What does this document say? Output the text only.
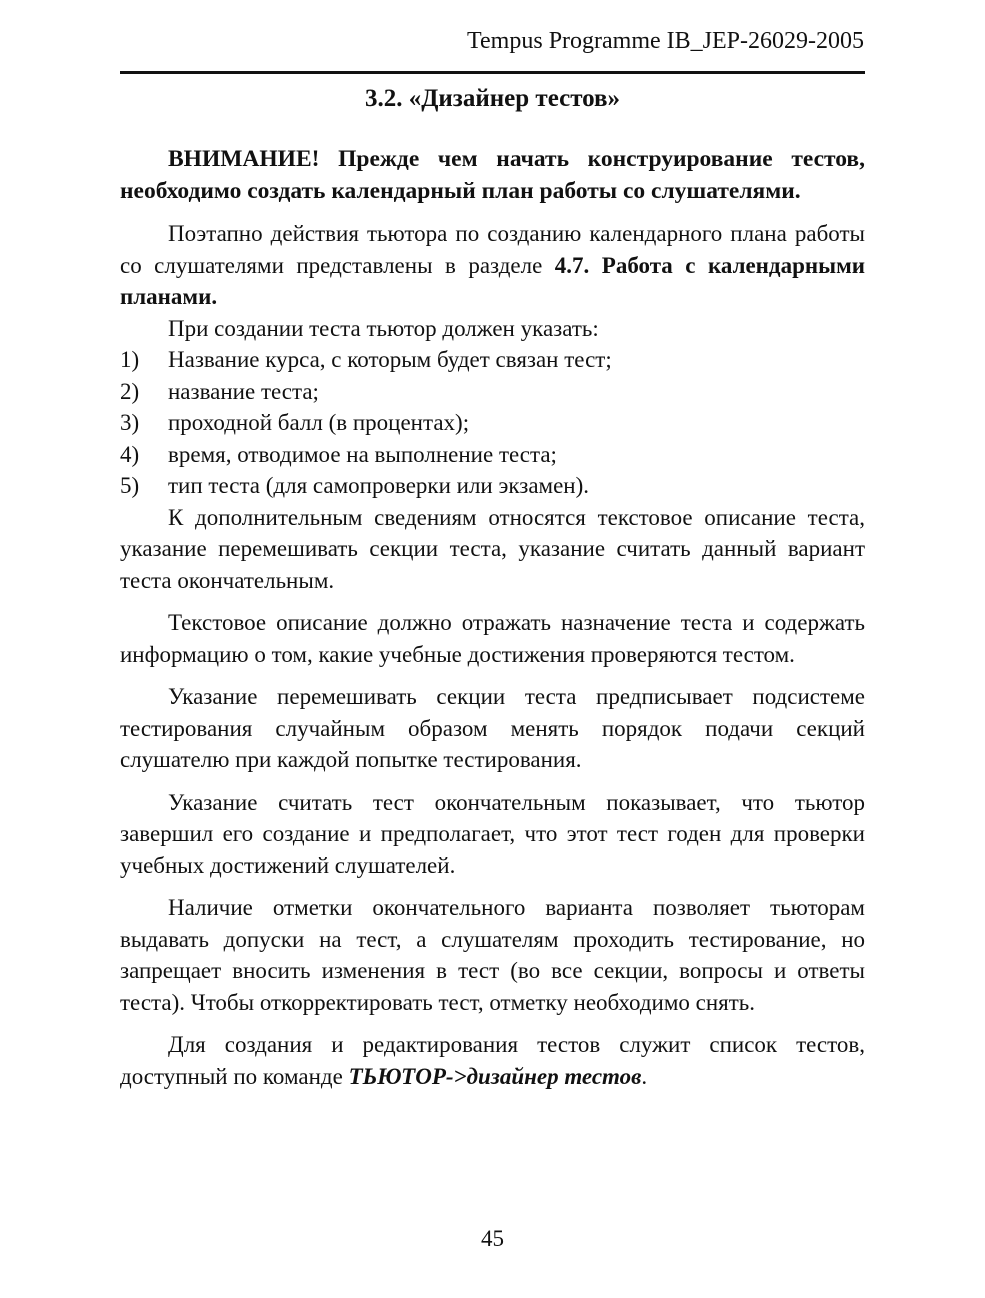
Tempus Programme IB_JEP-26029-2005
3.2. «Дизайнер тестов»

ВНИМАНИЕ! Прежде чем начать конструирование тестов, необходимо создать календарный план работы со слушателями.

Поэтапно действия тьютора по созданию календарного плана работы со слушателями представлены в разделе 4.7. Работа с календарными планами.

При создании теста тьютор должен указать:

1) Название курса, с которым будет связан тест;
2) название теста;
3) проходной балл (в процентах);
4) время, отводимое на выполнение теста;
5) тип теста (для самопроверки или экзамен).

К дополнительным сведениям относятся текстовое описание теста, указание перемешивать секции теста, указание считать данный вариант теста окончательным.

Текстовое описание должно отражать назначение теста и содержать информацию о том, какие учебные достижения проверяются тестом.

Указание перемешивать секции теста предписывает подсистеме тестирования случайным образом менять порядок подачи секций слушателю при каждой попытке тестирования.

Указание считать тест окончательным показывает, что тьютор завершил его создание и предполагает, что этот тест годен для проверки учебных достижений слушателей.

Наличие отметки окончательного варианта позволяет тьюторам выдавать допуски на тест, а слушателям проходить тестирование, но запрещает вносить изменения в тест (во все секции, вопросы и ответы теста). Чтобы откорректировать тест, отметку необходимо снять.

Для создания и редактирования тестов служит список тестов, доступный по команде ТЬЮТОР->дизайнер тестов.

45
